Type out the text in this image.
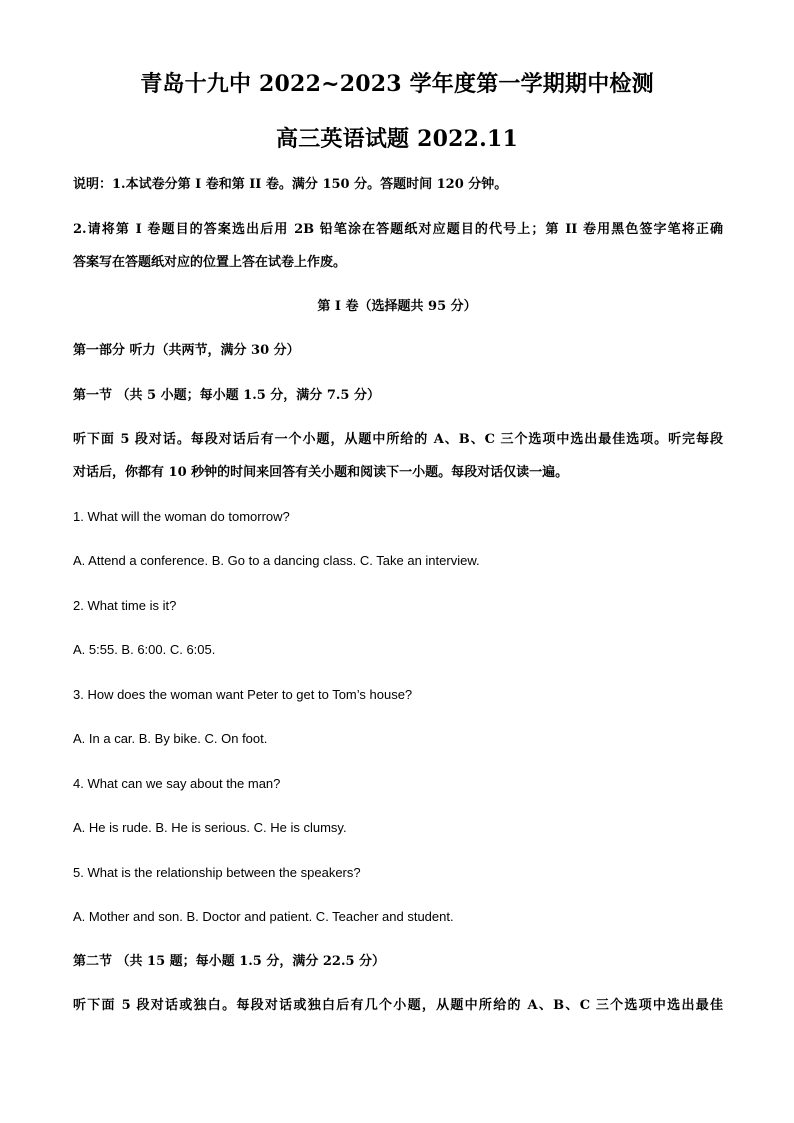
青岛十九中 2022~2023 学年度第一学期期中检测
高三英语试题 2022.11
说明：1.本试卷分第 I 卷和第 II 卷。满分 150 分。答题时间 120 分钟。
2.请将第 I 卷题目的答案选出后用 2B 铅笔涂在答题纸对应题目的代号上；第 II 卷用黑色签字笔将正确
答案写在答题纸对应的位置上答在试卷上作废。
第 I 卷（选择题共 95 分）
第一部分 听力（共两节，满分 30 分）
第一节 （共 5 小题；每小题 1.5 分，满分 7.5 分）
听下面 5 段对话。每段对话后有一个小题，从题中所给的 A、B、C 三个选项中选出最佳选项。听完每段
对话后，你都有 10 秒钟的时间来回答有关小题和阅读下一小题。每段对话仅读一遍。
1. What will the woman do tomorrow?
A. Attend a conference. B. Go to a dancing class. C. Take an interview.
2. What time is it?
A. 5:55. B. 6:00. C. 6:05.
3. How does the woman want Peter to get to Tom’s house?
A. In a car. B. By bike. C. On foot.
4. What can we say about the man?
A. He is rude. B. He is serious. C. He is clumsy.
5. What is the relationship between the speakers?
A. Mother and son. B. Doctor and patient. C. Teacher and student.
第二节 （共 15 题；每小题 1.5 分，满分 22.5 分）
听下面 5 段对话或独白。每段对话或独白后有几个小题，从题中所给的 A、B、C 三个选项中选出最佳
